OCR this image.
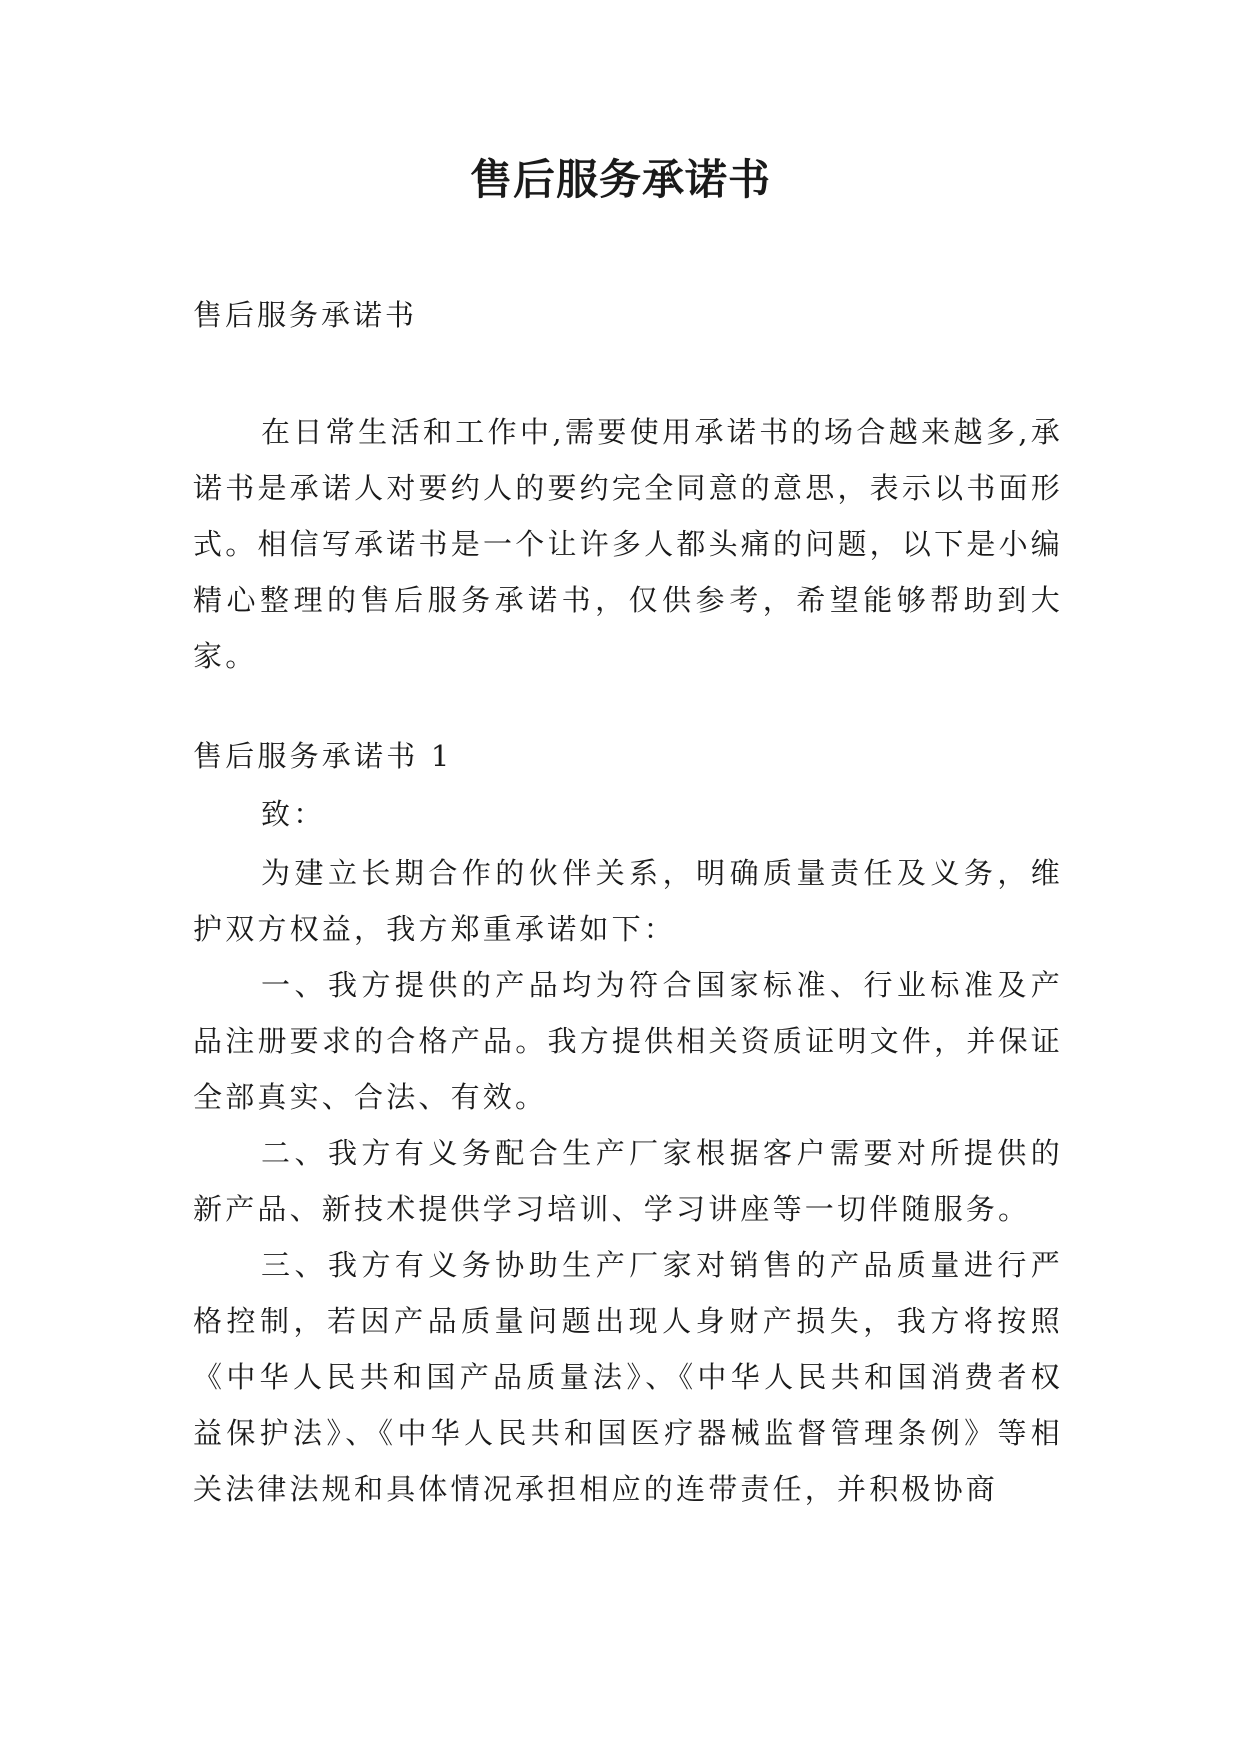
售后服务承诺书
售后服务承诺书
在日常生活和工作中,需要使用承诺书的场合越来越多,承诺书是承诺人对要约人的要约完全同意的意思，表示以书面形式。相信写承诺书是一个让许多人都头痛的问题，以下是小编精心整理的售后服务承诺书，仅供参考，希望能够帮助到大家。
售后服务承诺书 1

致：

为建立长期合作的伙伴关系，明确质量责任及义务，维护双方权益，我方郑重承诺如下：

一、我方提供的产品均为符合国家标准、行业标准及产品注册要求的合格产品。我方提供相关资质证明文件，并保证全部真实、合法、有效。

二、我方有义务配合生产厂家根据客户需要对所提供的新产品、新技术提供学习培训、学习讲座等一切伴随服务。

三、我方有义务协助生产厂家对销售的产品质量进行严格控制，若因产品质量问题出现人身财产损失，我方将按照《中华人民共和国产品质量法》、《中华人民共和国消费者权益保护法》、《中华人民共和国医疗器械监督管理条例》等相关法律法规和具体情况承担相应的连带责任，并积极协商
